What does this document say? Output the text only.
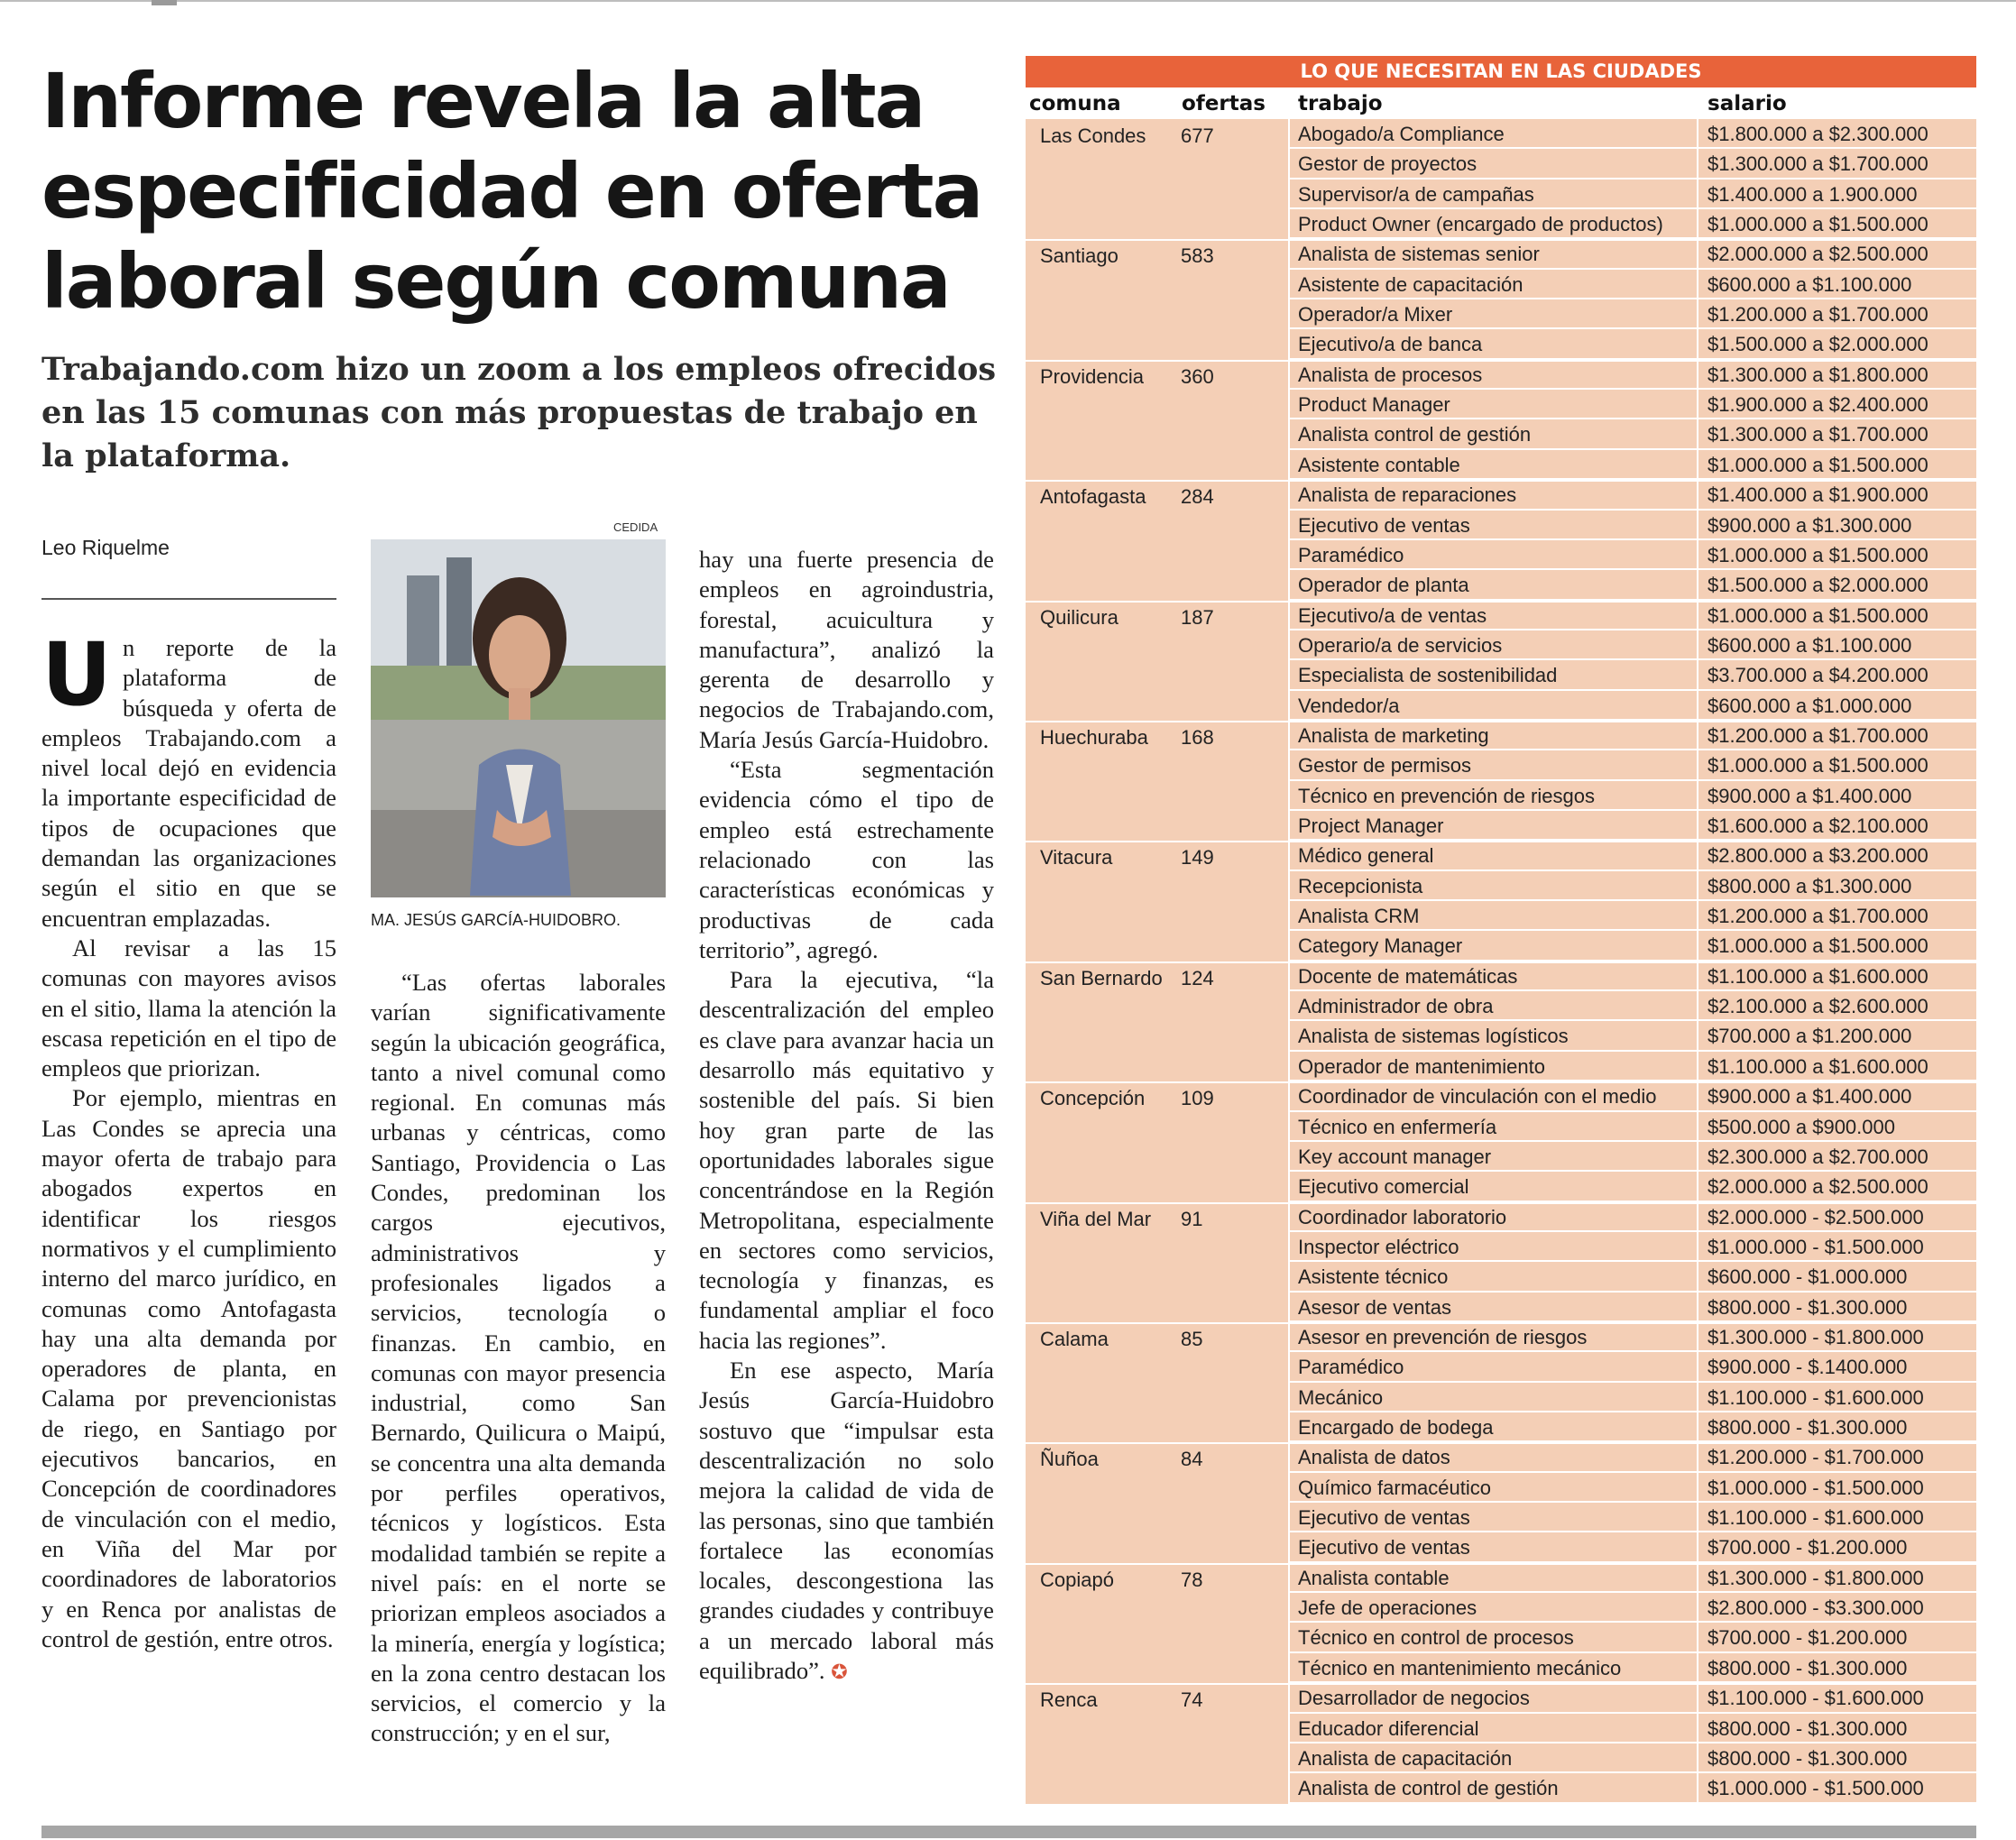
Informe revela la alta especificidad en oferta laboral según comuna

Trabajando.com hizo un zoom a los empleos ofrecidos en las 15 comunas con más propuestas de trabajo en la plataforma.

Leo Riquelme

Un reporte de la plataforma de búsqueda y oferta de empleos Trabajando.com a nivel local dejó en evidencia la importante especificidad de tipos de ocupaciones que demandan las organizaciones según el sitio en que se encuentran emplazadas.

Al revisar a las 15 comunas con mayores avisos en el sitio, llama la atención la escasa repetición en el tipo de empleos que priorizan.

Por ejemplo, mientras en Las Condes se aprecia una mayor oferta de trabajo para abogados expertos en identificar los riesgos normativos y el cumplimiento interno del marco jurídico, en comunas como Antofagasta hay una alta demanda por operadores de planta, en Calama por prevencionistas de riego, en Santiago por ejecutivos bancarios, en Concepción de coordinadores de vinculación con el medio, en Viña del Mar por coordinadores de laboratorios y en Renca por analistas de control de gestión, entre otros.

CEDIDA

MA. JESÚS GARCÍA-HUIDOBRO.

“Las ofertas laborales varían significativamente según la ubicación geográfica, tanto a nivel comunal como regional. En comunas más urbanas y céntricas, como Santiago, Providencia o Las Condes, predominan los cargos ejecutivos, administrativos y profesionales ligados a servicios, tecnología o finanzas. En cambio, en comunas con mayor presencia industrial, como San Bernardo, Quilicura o Maipú, se concentra una alta demanda por perfiles operativos, técnicos y logísticos. Esta modalidad también se repite a nivel país: en el norte se priorizan empleos asociados a la minería, energía y logística; en la zona centro destacan los servicios, el comercio y la construcción; y en el sur,

hay una fuerte presencia de empleos en agroindustria, forestal, acuicultura y manufactura”, analizó la gerenta de desarrollo y negocios de Trabajando.com, María Jesús García-Huidobro.

“Esta segmentación evidencia cómo el tipo de empleo está estrechamente relacionado con las características económicas y productivas de cada territorio”, agregó.

Para la ejecutiva, “la descentralización del empleo es clave para avanzar hacia un desarrollo más equitativo y sostenible del país. Si bien hoy gran parte de las oportunidades laborales sigue concentrándose en la Región Metropolitana, especialmente en sectores como servicios, tecnología y finanzas, es fundamental ampliar el foco hacia las regiones”.

En ese aspecto, María Jesús García-Huidobro sostuvo que “impulsar esta descentralización no solo mejora la calidad de vida de las personas, sino que también fortalece las economías locales, descongestiona las grandes ciudades y contribuye a un mercado laboral más equilibrado”. ✪

LO QUE NECESITAN EN LAS CIUDADES
comuna	ofertas trabajo	salario

Las Condes 677	Abogado/a Compliance	$1.800.000 a $2.300.000

Gestor de proyectos	$1.300.000 a $1.700.000

Supervisor/a de campañas	$1.400.000 a 1.900.000

Product Owner (encargado de productos) $1.000.000 a $1.500.000

Santiago	583	Analista de sistemas senior	$2.000.000 a $2.500.000

Asistente de capacitación	$600.000 a $1.100.000

Operador/a Mixer	$1.200.000 a $1.700.000

Ejecutivo/a de banca	$1.500.000 a $2.000.000

Providencia 360	Analista de procesos	$1.300.000 a $1.800.000

Product Manager	$1.900.000 a $2.400.000

Analista control de gestión	$1.300.000 a $1.700.000

Asistente contable	$1.000.000 a $1.500.000

Antofagasta 284	Analista de reparaciones	$1.400.000 a $1.900.000

Ejecutivo de ventas	$900.000 a $1.300.000

Paramédico	$1.000.000 a $1.500.000

Operador de planta	$1.500.000 a $2.000.000

Quilicura	187	Ejecutivo/a de ventas	$1.000.000 a $1.500.000

Operario/a de servicios	$600.000 a $1.100.000

Especialista de sostenibilidad	$3.700.000 a $4.200.000

Vendedor/a	$600.000 a $1.000.000

Huechuraba 168	Analista de marketing	$1.200.000 a $1.700.000

Gestor de permisos	$1.000.000 a $1.500.000

Técnico en prevención de riesgos	$900.000 a $1.400.000

Project Manager	$1.600.000 a $2.100.000

Vitacura	149	Médico general	$2.800.000 a $3.200.000

Recepcionista	$800.000 a $1.300.000

Analista CRM	$1.200.000 a $1.700.000

Category Manager	$1.000.000 a $1.500.000

San Bernardo 124	Docente de matemáticas	$1.100.000 a $1.600.000

Administrador de obra	$2.100.000 a $2.600.000

Analista de sistemas logísticos	$700.000 a $1.200.000

Operador de mantenimiento	$1.100.000 a $1.600.000

Concepción 109	Coordinador de vinculación con el medio	$900.000 a $1.400.000

Técnico en enfermería	$500.000 a $900.000

Key account manager	$2.300.000 a $2.700.000

Ejecutivo comercial	$2.000.000 a $2.500.000

Viña del Mar 91	Coordinador laboratorio	$2.000.000 - $2.500.000

Inspector eléctrico	$1.000.000 - $1.500.000

Asistente técnico	$600.000 - $1.000.000

Asesor de ventas	$800.000 - $1.300.000

Calama	85	Asesor en prevención de riesgos	$1.300.000 - $1.800.000

Paramédico	$900.000 - $.1400.000

Mecánico	$1.100.000 - $1.600.000

Encargado de bodega	$800.000 - $1.300.000

Ñuñoa	84	Analista de datos	$1.200.000 - $1.700.000

Químico farmacéutico	$1.000.000 - $1.500.000

Ejecutivo de ventas	$1.100.000 - $1.600.000

Ejecutivo de ventas	$700.000 - $1.200.000

Copiapó	78	Analista contable	$1.300.000 - $1.800.000

Jefe de operaciones	$2.800.000 - $3.300.000

Técnico en control de procesos	$700.000 - $1.200.000

Técnico en mantenimiento mecánico	$800.000 - $1.300.000

Renca	74	Desarrollador de negocios	$1.100.000 - $1.600.000

Educador diferencial	$800.000 - $1.300.000

Analista de capacitación	$800.000 - $1.300.000

Analista de control de gestión	$1.000.000 - $1.500.000
